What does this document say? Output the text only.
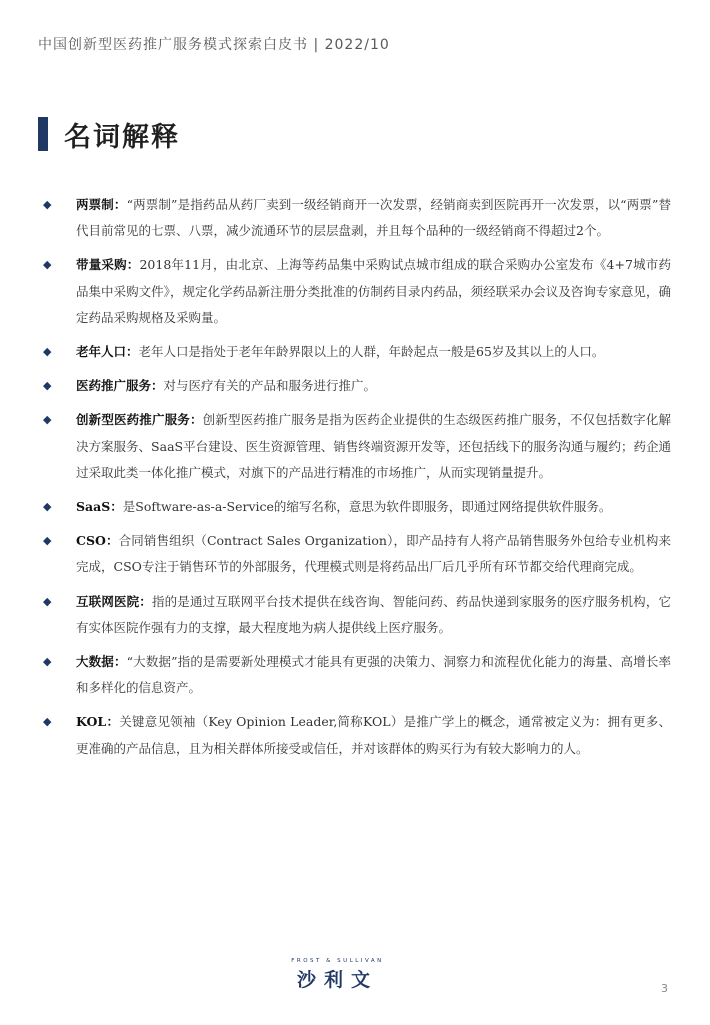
中国创新型医药推广服务模式探索白皮书 | 2022/10
名词解释
◆ 两票制：“两票制”是指药品从药厂卖到一级经销商开一次发票，经销商卖到医院再开一次发票，以“两票”替代目前常见的七票、八票，减少流通环节的层层盘剥，并且每个品种的一级经销商不得超过2个。
◆ 带量采购：2018年11月，由北京、上海等药品集中采购试点城市组成的联合采购办公室发布《4+7城市药品集中采购文件》，规定化学药品新注册分类批准的仿制药目录内药品，须经联采办会议及咨询专家意见，确定药品采购规格及采购量。
◆ 老年人口：老年人口是指处于老年年龄界限以上的人群，年龄起点一般是65岁及其以上的人口。
◆ 医药推广服务：对与医疗有关的产品和服务进行推广。
◆ 创新型医药推广服务：创新型医药推广服务是指为医药企业提供的生态级医药推广服务，不仅包括数字化解决方案服务、SaaS平台建设、医生资源管理、销售终端资源开发等，还包括线下的服务沟通与履约；药企通过采取此类一体化推广模式，对旗下的产品进行精准的市场推广，从而实现销量提升。
◆ SaaS：是Software-as-a-Service的缩写名称，意思为软件即服务，即通过网络提供软件服务。
◆ CSO：合同销售组织（Contract Sales Organization），即产品持有人将产品销售服务外包给专业机构来完成，CSO专注于销售环节的外部服务，代理模式则是将药品出厂后几乎所有环节都交给代理商完成。
◆ 互联网医院：指的是通过互联网平台技术提供在线咨询、智能问药、药品快递到家服务的医疗服务机构，它有实体医院作强有力的支撑，最大程度地为病人提供线上医疗服务。
◆ 大数据：“大数据”指的是需要新处理模式才能具有更强的决策力、洞察力和流程优化能力的海量、高增长率和多样化的信息资产。
◆ KOL：关键意见领袖（Key Opinion Leader,简称KOL）是推广学上的概念，通常被定义为：拥有更多、更准确的产品信息，且为相关群体所接受或信任，并对该群体的购买行为有较大影响力的人。
FROST & SULLIVAN
沙利文	3
